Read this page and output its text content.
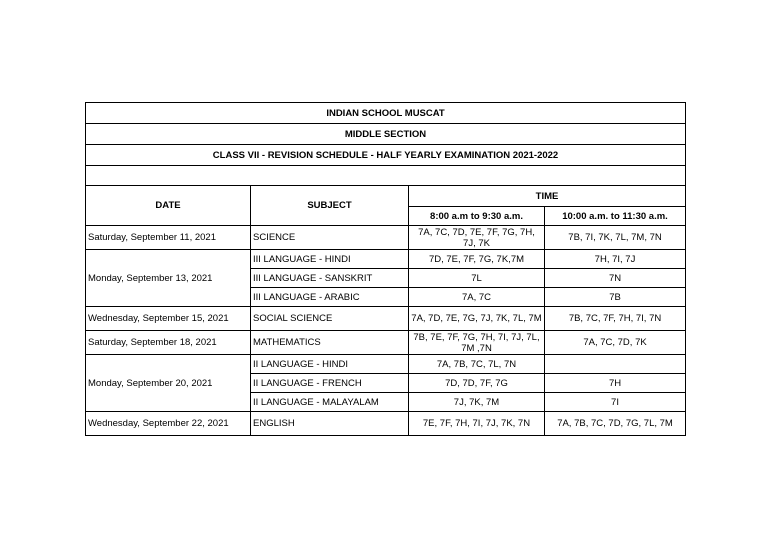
INDIAN SCHOOL MUSCAT			
MIDDLE SECTION			
CLASS VII - REVISION SCHEDULE - HALF YEARLY EXAMINATION 2021-2022			

DATE	SUBJECT	TIME	
		8:00 a.m to 9:30 a.m.	10:00 a.m. to 11:30 a.m.
Saturday, September 11, 2021	SCIENCE	7A, 7C, 7D, 7E, 7F, 7G, 7H, 7J, 7K	7B, 7I, 7K, 7L, 7M, 7N
Monday, September 13, 2021	III LANGUAGE - HINDI	7D, 7E, 7F, 7G, 7K,7M	7H, 7I, 7J
	III LANGUAGE - SANSKRIT	7L	7N
	III LANGUAGE - ARABIC	7A, 7C	7B
Wednesday, September 15, 2021	SOCIAL SCIENCE	7A, 7D, 7E, 7G, 7J, 7K, 7L, 7M	7B, 7C, 7F, 7H, 7I, 7N
Saturday, September 18, 2021	MATHEMATICS	7B, 7E, 7F, 7G, 7H, 7I, 7J, 7L, 7M ,7N	7A, 7C, 7D, 7K
Monday, September 20, 2021	II LANGUAGE - HINDI	7A, 7B, 7C, 7L, 7N	
	II LANGUAGE - FRENCH	7D, 7D, 7F, 7G	7H
	II LANGUAGE - MALAYALAM	7J, 7K, 7M	7I
Wednesday, September 22, 2021	ENGLISH	7E, 7F, 7H, 7I, 7J, 7K, 7N	7A, 7B, 7C, 7D, 7G, 7L, 7M
